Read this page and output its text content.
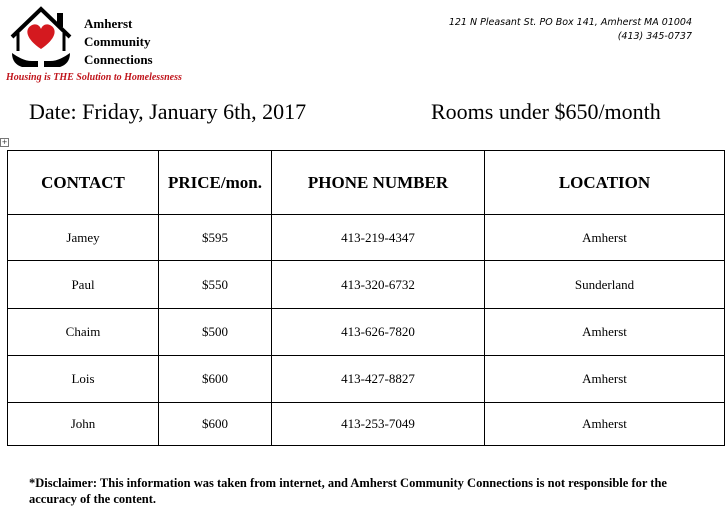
Amherst
Community
Connections
Housing is THE Solution to Homelessness
121 N Pleasant St. PO Box 141, Amherst MA 01004
(413) 345-0737
Date: Friday, January 6th, 2017	Rooms under $650/month
+
CONTACT	PRICE/mon.	PHONE NUMBER	LOCATION
Jamey	$595	413-219-4347	Amherst
Paul	$550	413-320-6732	Sunderland
Chaim	$500	413-626-7820	Amherst
Lois	$600	413-427-8827	Amherst
John	$600	413-253-7049	Amherst
*Disclaimer: This information was taken from internet, and Amherst Community Connections is not responsible for the accuracy of the content.
